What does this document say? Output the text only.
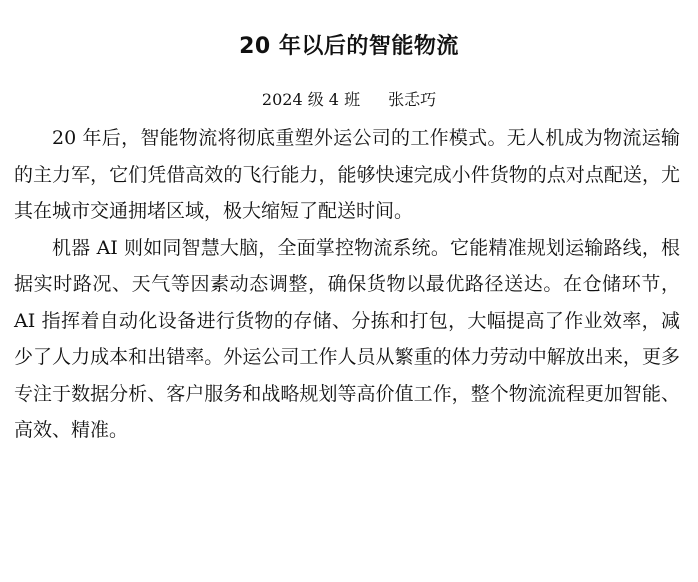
20 年以后的智能物流
2024 级 4 班 张忎巧

20 年后，智能物流将彻底重塑外运公司的工作模式。无人机成为物流运输的主力军，它们凭借高效的飞行能力，能够快速完成小件货物的点对点配送，尤其在城市交通拥堵区域，极大缩短了配送时间。

机器 AI 则如同智慧大脑，全面掌控物流系统。它能精准规划运输路线，根据实时路况、天气等因素动态调整，确保货物以最优路径送达。在仓储环节，AI 指挥着自动化设备进行货物的存储、分拣和打包，大幅提高了作业效率，减少了人力成本和出错率。外运公司工作人员从繁重的体力劳动中解放出来，更多专注于数据分析、客户服务和战略规划等高价值工作，整个物流流程更加智能、高效、精准。
